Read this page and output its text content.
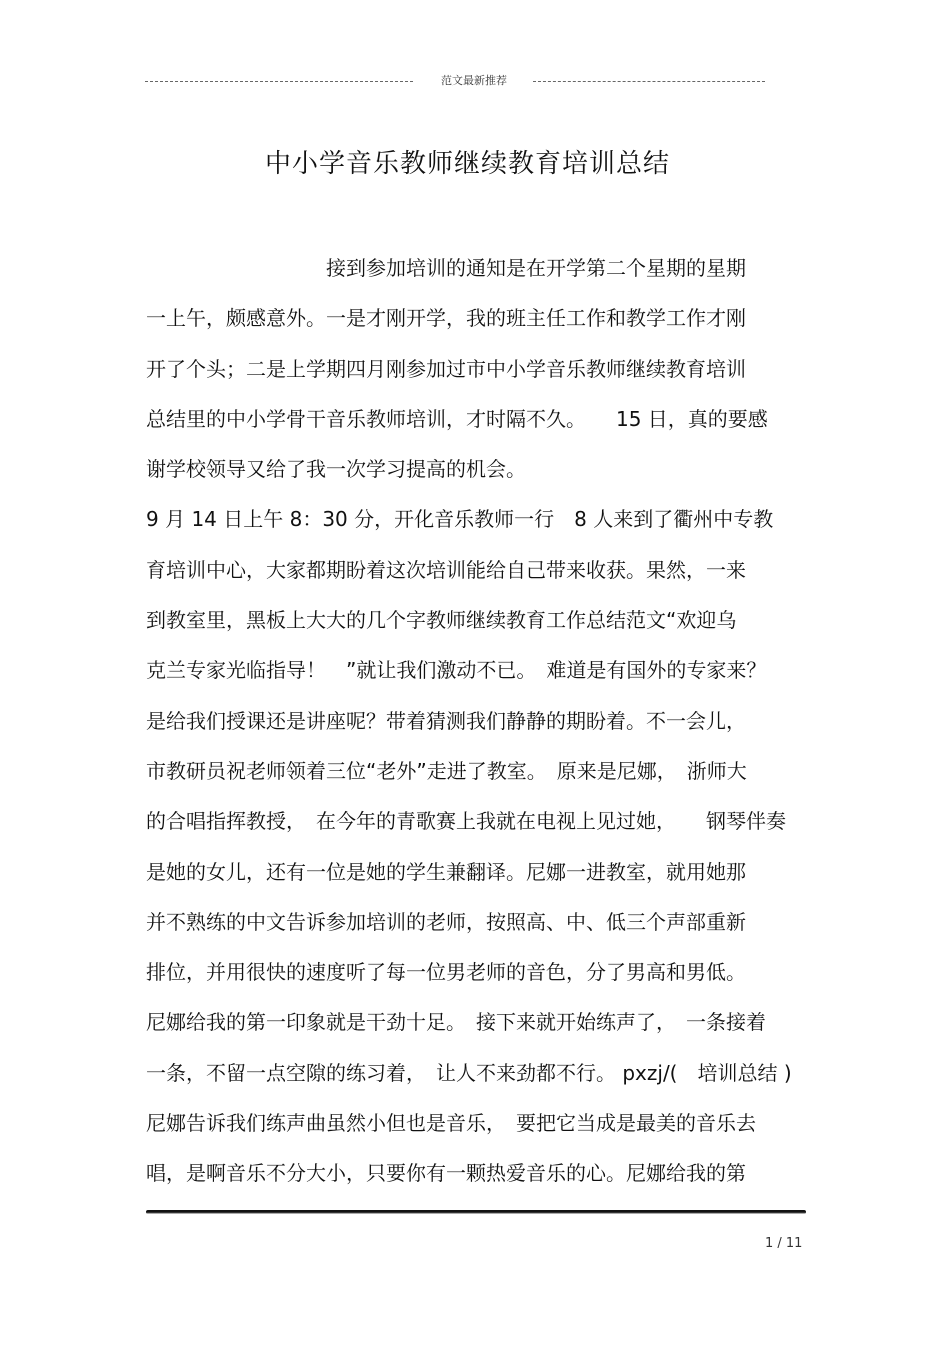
范文最新推荐
中小学音乐教师继续教育培训总结
接到参加培训的通知是在开学第二个星期的星期
一上午，颇感意外。一是才刚开学，我的班主任工作和教学工作才刚
开了个头；二是上学期四月刚参加过市中小学音乐教师继续教育培训
总结里的中小学骨干音乐教师培训，才时隔不久。　　15 日，真的要感
谢学校领导又给了我一次学习提高的机会。
9 月 14 日上午 8：30 分，开化音乐教师一行　8 人来到了衢州中专教
育培训中心，大家都期盼着这次培训能给自己带来收获。果然，一来
到教室里，黑板上大大的几个字教师继续教育工作总结范文“欢迎乌
克兰专家光临指导！　”就让我们激动不已。　难道是有国外的专家来？
是给我们授课还是讲座呢？带着猜测我们静静的期盼着。不一会儿，
市教研员祝老师领着三位“老外”走进了教室。　原来是尼娜，　浙师大
的合唱指挥教授，　在今年的青歌赛上我就在电视上见过她，　　钢琴伴奏
是她的女儿，还有一位是她的学生兼翻译。尼娜一进教室，就用她那
并不熟练的中文告诉参加培训的老师，按照高、中、低三个声部重新
排位，并用很快的速度听了每一位男老师的音色，分了男高和男低。
尼娜给我的第一印象就是干劲十足。　接下来就开始练声了，　一条接着
一条，不留一点空隙的练习着，　让人不来劲都不行。 pxzj/(　培训总结 )
尼娜告诉我们练声曲虽然小但也是音乐，　要把它当成是最美的音乐去
唱，是啊音乐不分大小，只要你有一颗热爱音乐的心。尼娜给我的第
1 / 11
